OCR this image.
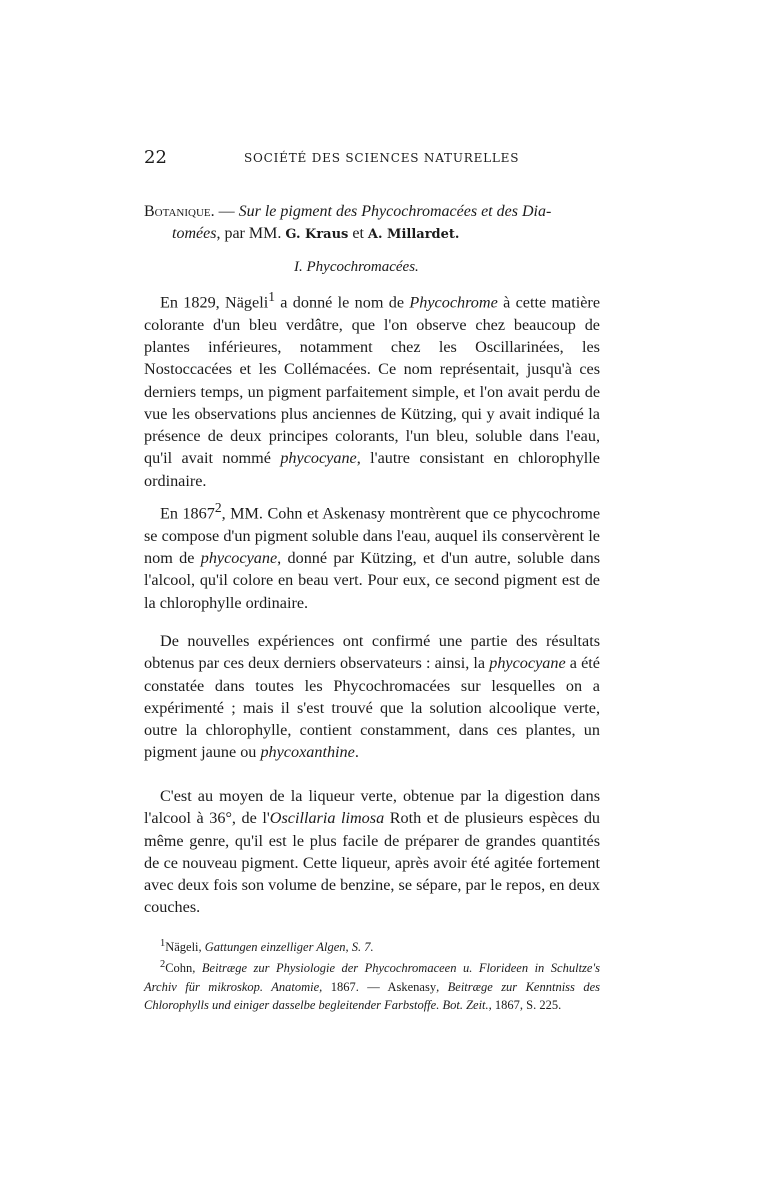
22	SOCIÉTÉ DES SCIENCES NATURELLES
Botanique. — Sur le pigment des Phycochromacées et des Dia-
tomées, par MM. G. Kraus et A. Millardet.
I. Phycochromacées.

En 1829, Nägeli$^1$ a donné le nom de Phycochrome à cette matière colorante d'un bleu verdâtre, que l'on observe chez beaucoup de plantes inférieures, notamment chez les Oscillarinées, les Nostoccacées et les Collémacées. Ce nom représentait, jusqu'à ces derniers temps, un pigment parfaitement simple, et l'on avait perdu de vue les observations plus anciennes de Kützing, qui y avait indiqué la présence de deux principes colorants, l'un bleu, soluble dans l'eau, qu'il avait nommé phycocyane, l'autre consistant en chlorophylle ordinaire.

En 1867$^2$, MM. Cohn et Askenasy montrèrent que ce phycochrome se compose d'un pigment soluble dans l'eau, auquel ils conservèrent le nom de phycocyane, donné par Kützing, et d'un autre, soluble dans l'alcool, qu'il colore en beau vert. Pour eux, ce second pigment est de la chlorophylle ordinaire.

De nouvelles expériences ont confirmé une partie des résultats obtenus par ces deux derniers observateurs : ainsi, la phycocyane a été constatée dans toutes les Phycochromacées sur lesquelles on a expérimenté ; mais il s'est trouvé que la solution alcoolique verte, outre la chlorophylle, contient constamment, dans ces plantes, un pigment jaune ou phycoxanthine.

C'est au moyen de la liqueur verte, obtenue par la digestion dans l'alcool à 36°, de l'Oscillaria limosa Roth et de plusieurs espèces du même genre, qu'il est le plus facile de préparer de grandes quantités de ce nouveau pigment. Cette liqueur, après avoir été agitée fortement avec deux fois son volume de benzine, se sépare, par le repos, en deux couches.

$^1$Nägeli, Gattungen einzelliger Algen, S. 7.

$^2$Cohn, Beitræge zur Physiologie der Phycochromaceen u. Florideen in Schultze's Archiv für mikroskop. Anatomie, 1867. — Askenasy, Beitræge zur Kenntniss des Chlorophylls und einiger dasselbe begleitender Farbstoffe. Bot. Zeit., 1867, S. 225.
